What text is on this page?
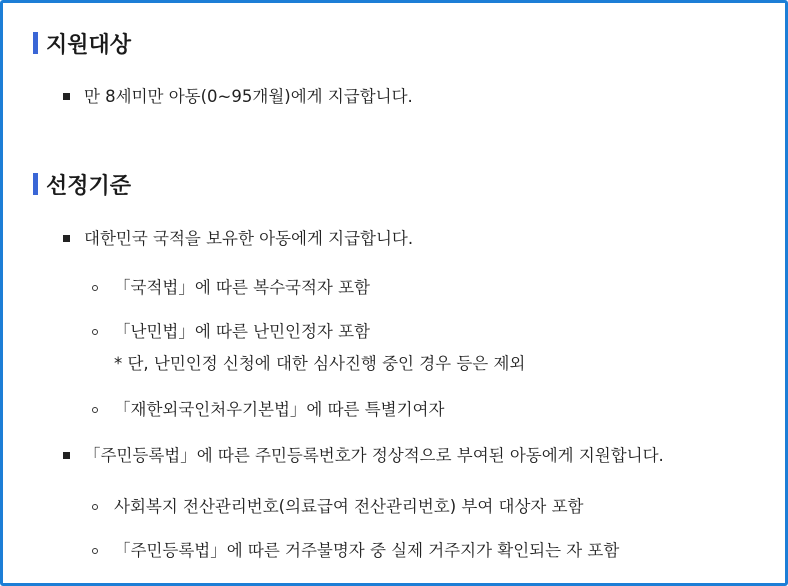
지원대상
만 8세미만 아동(0~95개월)에게 지급합니다.
선정기준
대한민국 국적을 보유한 아동에게 지급합니다.
「국적법」에 따른 복수국적자 포함
「난민법」에 따른 난민인정자 포함
* 단, 난민인정 신청에 대한 심사진행 중인 경우 등은 제외
「재한외국인처우기본법」에 따른 특별기여자
「주민등록법」에 따른 주민등록번호가 정상적으로 부여된 아동에게 지원합니다.
사회복지 전산관리번호(의료급여 전산관리번호) 부여 대상자 포함
「주민등록법」에 따른 거주불명자 중 실제 거주지가 확인되는 자 포함
